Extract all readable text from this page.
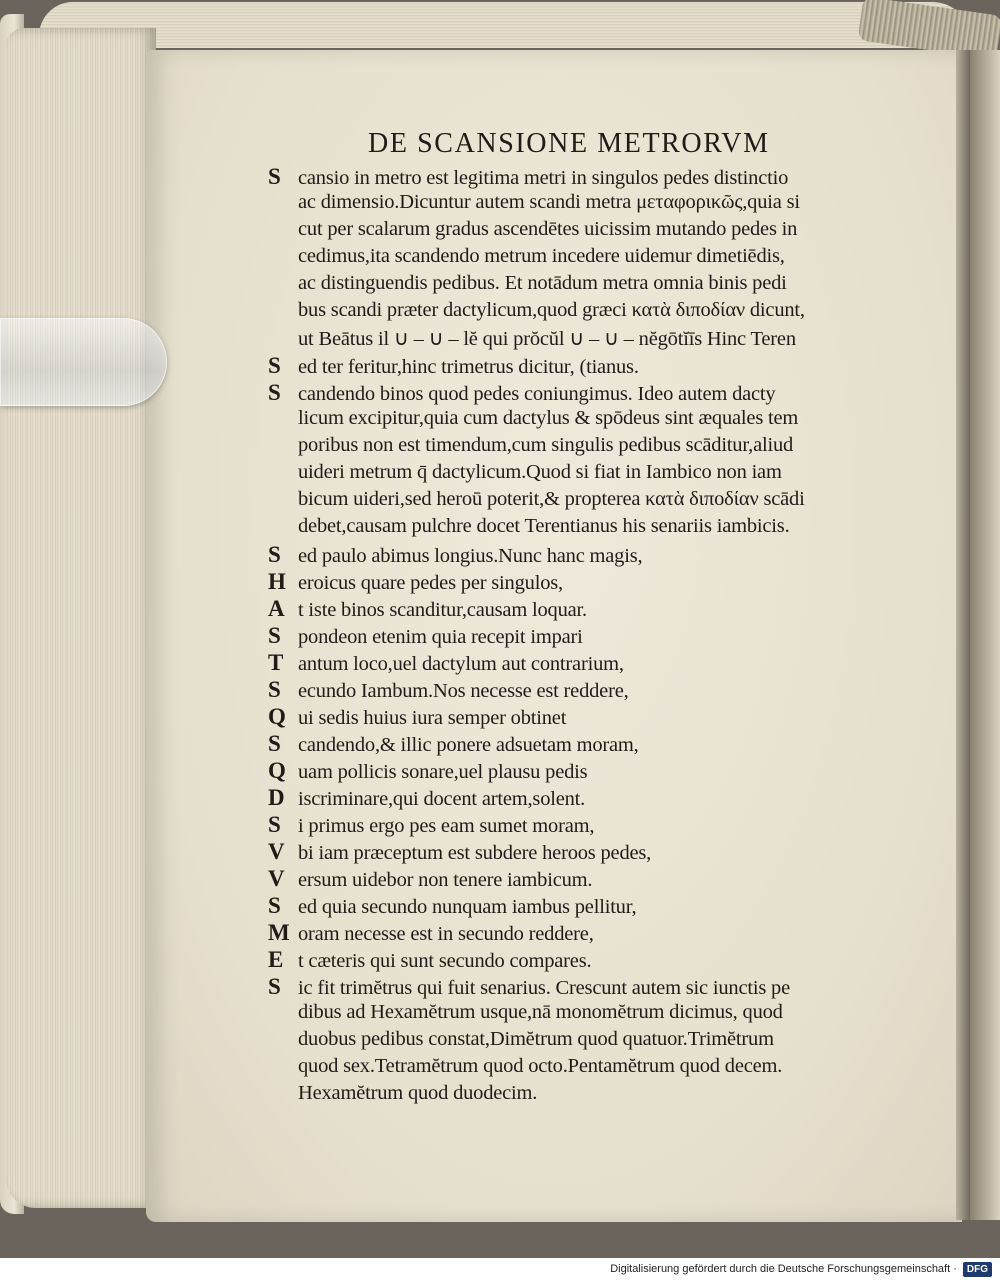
DE SCANSIONE METRORVM
S cansio in metro est legitima metri in singulos pedes distinctio
ac dimensio.Dicuntur autem scandi metra μεταφορικῶς,quia si
cut per scalarum gradus ascendētes uicissim mutando pedes in
cedimus,ita scandendo metrum incedere uidemur dimetiēdis,
ac distinguendis pedibus. Et notādum metra omnia binis pedi
bus scandi præter dactylicum,quod græci κατὰ διποδίαν dicunt,
ut Beātus il ∪ – ∪ – lĕ qui prŏcŭl ∪ – ∪ – nĕgōtĭīs Hinc Teren
S ed ter feritur,hinc trimetrus dicitur, (tianus.
S candendo binos quod pedes coniungimus. Ideo autem dacty
licum excipitur,quia cum dactylus & spōdeus sint æquales tem
poribus non est timendum,cum singulis pedibus scāditur,aliud
uideri metrum q̄ dactylicum.Quod si fiat in Iambico non iam
bicum uideri,sed heroū poterit,& propterea κατὰ διποδίαν scādi
debet,causam pulchre docet Terentianus his senariis iambicis.
S ed paulo abimus longius.Nunc hanc magis,
H eroicus quare pedes per singulos,
A t iste binos scanditur,causam loquar.
S pondeon etenim quia recepit impari
T antum loco,uel dactylum aut contrarium,
S ecundo Iambum.Nos necesse est reddere,
Q ui sedis huius iura semper obtinet
S candendo,& illic ponere adsuetam moram,
Q uam pollicis sonare,uel plausu pedis
D iscriminare,qui docent artem,solent.
S i primus ergo pes eam sumet moram,
V bi iam præceptum est subdere heroos pedes,
V ersum uidebor non tenere iambicum.
S ed quia secundo nunquam iambus pellitur,
M oram necesse est in secundo reddere,
E t cæteris qui sunt secundo compares.
S ic fit trimĕtrus qui fuit senarius. Crescunt autem sic iunctis pe
dibus ad Hexamĕtrum usque,nā monomĕtrum dicimus, quod
duobus pedibus constat,Dimĕtrum quod quatuor.Trimĕtrum
quod sex.Tetramĕtrum quod octo.Pentamĕtrum quod decem.
Hexamĕtrum quod duodecim.
Digitalisierung gefördert durch die Deutsche Forschungsgemeinschaft ·	DFG
